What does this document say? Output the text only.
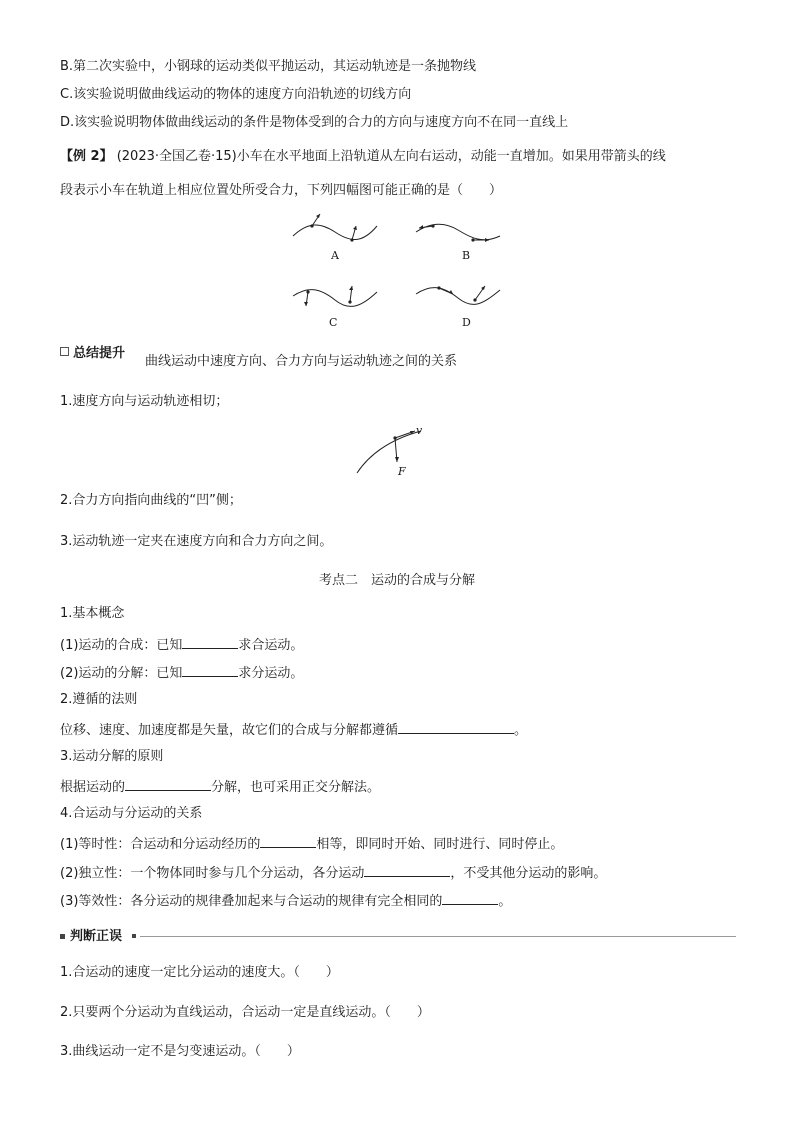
B.第二次实验中，小钢球的运动类似平抛运动，其运动轨迹是一条抛物线
C.该实验说明做曲线运动的物体的速度方向沿轨迹的切线方向
D.该实验说明物体做曲线运动的条件是物体受到的合力的方向与速度方向不在同一直线上
【例 2】 (2023·全国乙卷·15)小车在水平地面上沿轨道从左向右运动，动能一直增加。如果用带箭头的线
段表示小车在轨道上相应位置处所受合力，下列四幅图可能正确的是（　　）
A	B
C	D
总结提升
曲线运动中速度方向、合力方向与运动轨迹之间的关系
1.速度方向与运动轨迹相切；
v
F
2.合力方向指向曲线的“凹”侧；
3.运动轨迹一定夹在速度方向和合力方向之间。
考点二　运动的合成与分解
1.基本概念
(1)运动的合成：已知	求合运动。
(2)运动的分解：已知	求分运动。
2.遵循的法则
位移、速度、加速度都是矢量，故它们的合成与分解都遵循	。
3.运动分解的原则
根据运动的	分解，也可采用正交分解法。
4.合运动与分运动的关系
(1)等时性：合运动和分运动经历的	相等，即同时开始、同时进行、同时停止。
(2)独立性：一个物体同时参与几个分运动，各分运动	，不受其他分运动的影响。
(3)等效性：各分运动的规律叠加起来与合运动的规律有完全相同的	。
判断正误
1.合运动的速度一定比分运动的速度大。（　　）
2.只要两个分运动为直线运动，合运动一定是直线运动。（　　）
3.曲线运动一定不是匀变速运动。（　　）
